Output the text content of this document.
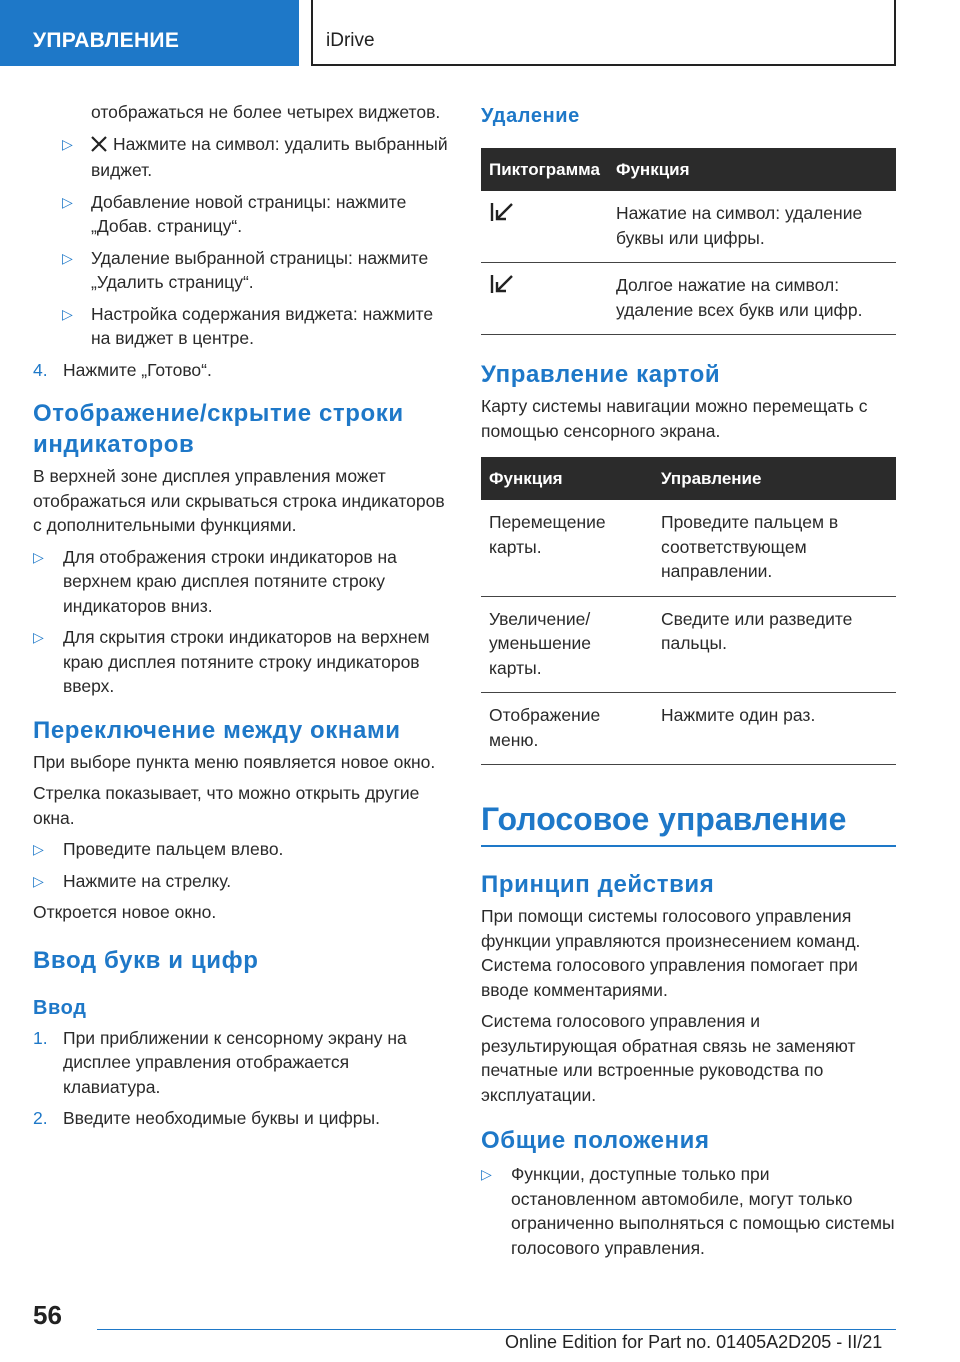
УПРАВЛЕНИЕ	iDrive

отображаться не более четырех виджетов.

▷ Нажмите на символ: удалить выбранный виджет.
▷ Добавление новой страницы: нажмите „Добав. страницу“.
▷ Удаление выбранной страницы: нажмите „Удалить страницу“.
▷ Настройка содержания виджета: нажмите на виджет в центре.
4. Нажмите „Готово“.
Отображение/скрытие строки индикаторов

В верхней зоне дисплея управления может отображаться или скрываться строка индикаторов с дополнительными функциями.

▷ Для отображения строки индикаторов на верхнем краю дисплея потяните строку индикаторов вниз.
▷ Для скрытия строки индикаторов на верхнем краю дисплея потяните строку индикаторов вверх.
Переключение между окнами

При выборе пункта меню появляется новое окно.

Стрелка показывает, что можно открыть другие окна.

▷ Проведите пальцем влево.
▷ Нажмите на стрелку.

Откроется новое окно.

Ввод букв и цифр
Ввод
1. При приближении к сенсорному экрану на дисплее управления отображается клавиатура.
2. Введите необходимые буквы и цифры.
Удаление
Пиктограмма	Функция
	Нажатие на символ: удаление буквы или цифры.
	Долгое нажатие на символ: удаление всех букв или цифр.
Управление картой

Карту системы навигации можно перемещать с помощью сенсорного экрана.

Функция	Управление
Перемещение карты.	Проведите пальцем в соответствующем направлении.
Увеличение/ уменьшение карты.	Сведите или разведите пальцы.
Отображение меню.	Нажмите один раз.
Голосовое управление
Принцип действия

При помощи системы голосового управления функции управляются произнесением команд. Система голосового управления помогает при вводе комментариями.

Система голосового управления и результирующая обратная связь не заменяют печатные или встроенные руководства по эксплуатации.

Общие положения
▷ Функции, доступные только при остановленном автомобиле, могут только ограниченно выполняться с помощью системы голосового управления.
56
Online Edition for Part no. 01405A2D205 - II/21
